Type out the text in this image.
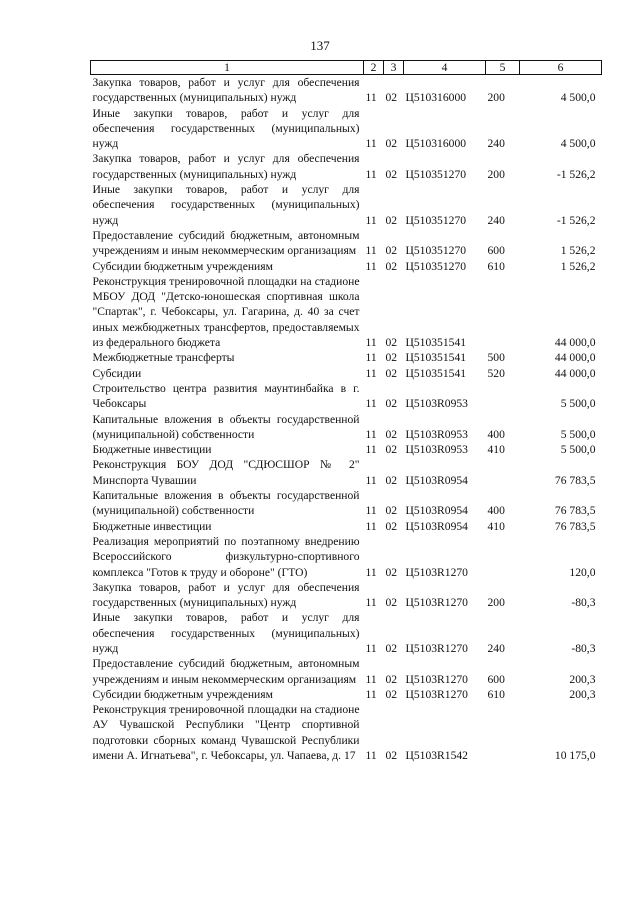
137
1	2	3	4	5	6
Закупка товаров, работ и услуг для обеспечения государственных (муниципальных) нужд	11	02	Ц510316000	200	4 500,0
Иные закупки товаров, работ и услуг для обеспечения государственных (муниципальных) нужд	11	02	Ц510316000	240	4 500,0
Закупка товаров, работ и услуг для обеспечения государственных (муниципальных) нужд	11	02	Ц510351270	200	-1 526,2
Иные закупки товаров, работ и услуг для обеспечения государственных (муниципальных) нужд	11	02	Ц510351270	240	-1 526,2
Предоставление субсидий бюджетным, автономным учреждениям и иным некоммерческим организациям	11	02	Ц510351270	600	1 526,2
Субсидии бюджетным учреждениям	11	02	Ц510351270	610	1 526,2
Реконструкция тренировочной площадки на стадионе МБОУ ДОД "Детско-юношеская спортивная школа "Спартак", г. Чебоксары, ул. Гагарина, д. 40 за счет иных межбюджетных трансфертов, предоставляемых из федерального бюджета	11	02	Ц510351541		44 000,0
Межбюджетные трансферты	11	02	Ц510351541	500	44 000,0
Субсидии	11	02	Ц510351541	520	44 000,0
Строительство центра развития маунтинбайка в г. Чебоксары	11	02	Ц5103R0953		5 500,0
Капитальные вложения в объекты государственной (муниципальной) собственности	11	02	Ц5103R0953	400	5 500,0
Бюджетные инвестиции	11	02	Ц5103R0953	410	5 500,0
Реконструкция БОУ ДОД "СДЮСШОР № 2" Минспорта Чувашии	11	02	Ц5103R0954		76 783,5
Капитальные вложения в объекты государственной (муниципальной) собственности	11	02	Ц5103R0954	400	76 783,5
Бюджетные инвестиции	11	02	Ц5103R0954	410	76 783,5
Реализация мероприятий по поэтапному внедрению Всероссийского физкультурно-спортивного комплекса "Готов к труду и обороне" (ГТО)	11	02	Ц5103R1270		120,0
Закупка товаров, работ и услуг для обеспечения государственных (муниципальных) нужд	11	02	Ц5103R1270	200	-80,3
Иные закупки товаров, работ и услуг для обеспечения государственных (муниципальных) нужд	11	02	Ц5103R1270	240	-80,3
Предоставление субсидий бюджетным, автономным учреждениям и иным некоммерческим организациям	11	02	Ц5103R1270	600	200,3
Субсидии бюджетным учреждениям	11	02	Ц5103R1270	610	200,3
Реконструкция тренировочной площадки на стадионе АУ Чувашской Республики "Центр спортивной подготовки сборных команд Чувашской Республики имени А. Игнатьева", г. Чебоксары, ул. Чапаева, д. 17	11	02	Ц5103R1542		10 175,0
